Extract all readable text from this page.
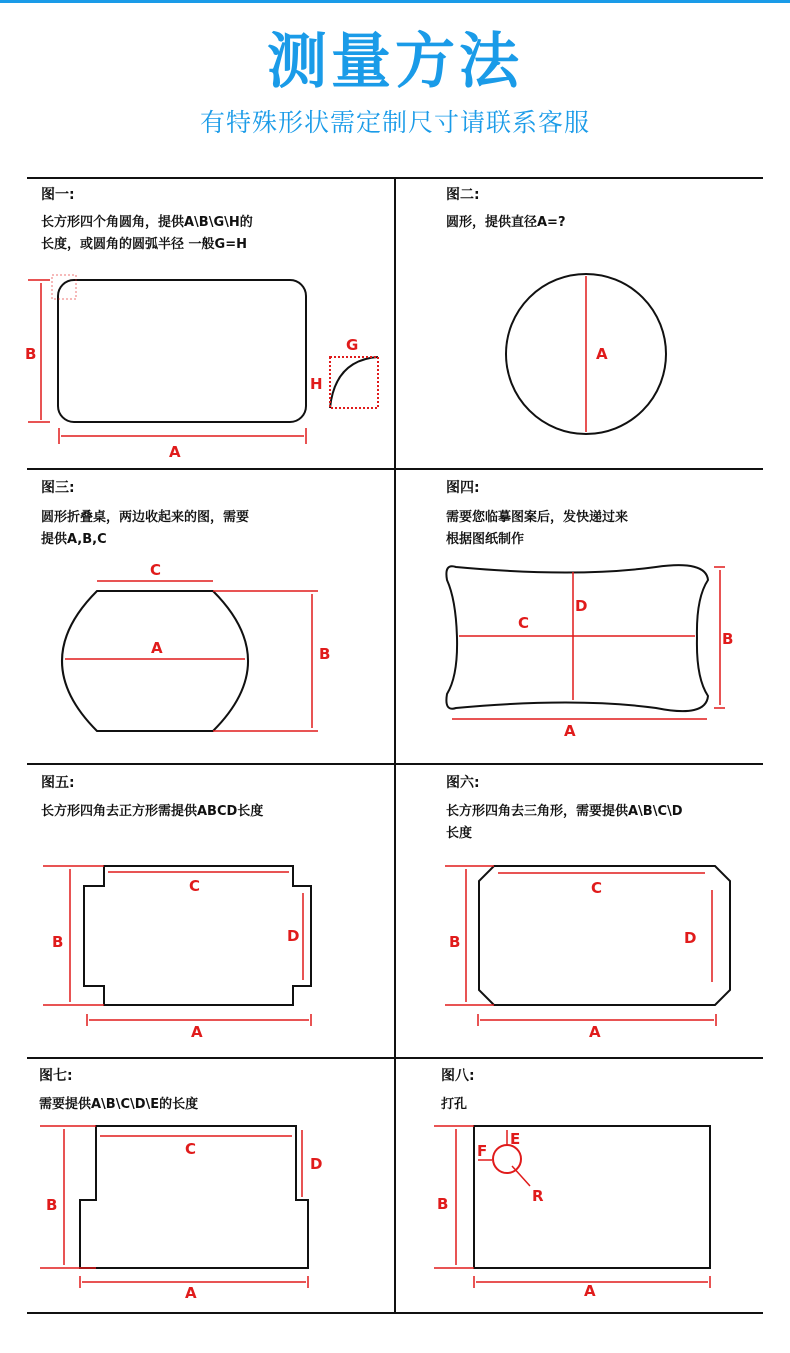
测量方法
有特殊形状需定制尺寸请联系客服
图一:
长方形四个角圆角，提供A\B\G\H的
长度，或圆角的圆弧半径 一般G=H
图二:
圆形，提供直径A=?
图三:
圆形折叠桌，两边收起来的图，需要
提供A,B,C
图四:
需要您临摹图案后，发快递过来
根据图纸制作
图五:
长方形四角去正方形需提供ABCD长度
图六:
长方形四角去三角形，需要提供A\B\C\D
长度
图七:
需要提供A\B\C\D\E的长度
图八:
打孔
B
A
G
H
A
A	B
C
A
B
C
D
A
B
C
D
A
B
C
D
A
B
C
D
A
B
E
F
R
